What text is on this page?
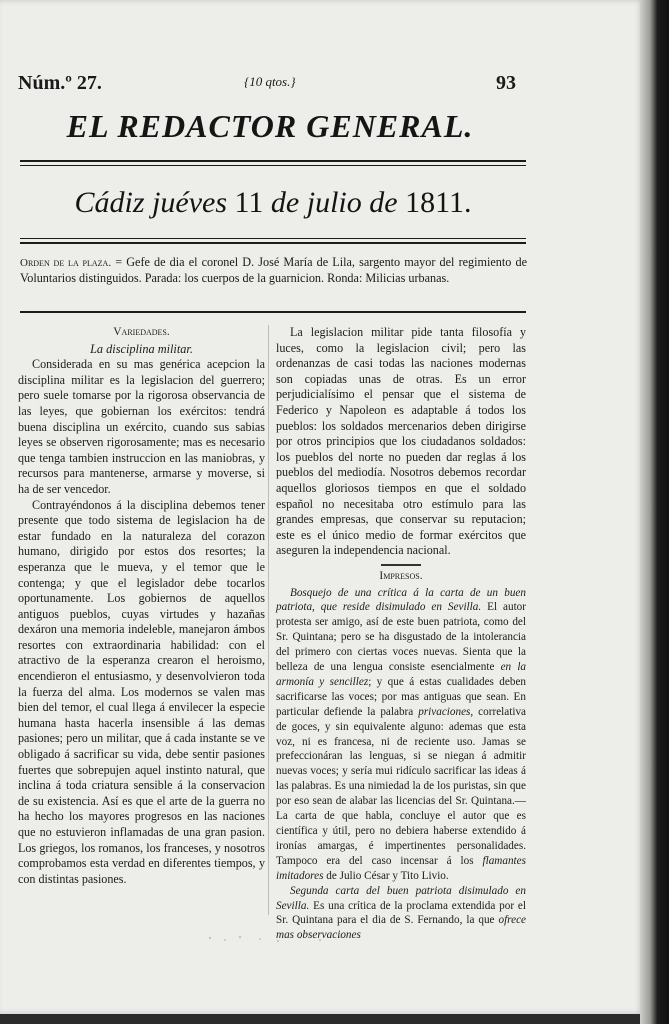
Núm.º 27.	{10 qtos.}	93
EL REDACTOR GENERAL.
Cádiz juéves 11 de julio de 1811.
Orden de la plaza. = Gefe de dia el coronel D. José María de Lila, sargento mayor del regimiento de Voluntarios distinguidos. Parada: los cuerpos de la guarnicion. Ronda: Milicias urbanas.
Variedades.
La disciplina militar.

Considerada en su mas genérica acepcion la disciplina militar es la legislacion del guerrero; pero suele tomarse por la rigorosa observancia de las leyes, que gobiernan los exércitos: tendrá buena disciplina un exército, cuando sus sabias leyes se observen rigorosamente; mas es necesario que tenga tambien instruccion en las maniobras, y recursos para mantenerse, armarse y moverse, si ha de ser vencedor.

Contrayéndonos á la disciplina debemos tener presente que todo sistema de legislacion ha de estar fundado en la naturaleza del corazon humano, dirigido por estos dos resortes; la esperanza que le mueva, y el temor que le contenga; y que el legislador debe tocarlos oportunamente. Los gobiernos de aquellos antiguos pueblos, cuyas virtudes y hazañas dexáron una memoria indeleble, manejaron ámbos resortes con extraordinaria habilidad: con el atractivo de la esperanza crearon el heroismo, encendieron el entusiasmo, y desenvolvieron toda la fuerza del alma. Los modernos se valen mas bien del temor, el cual llega á envilecer la especie humana hasta hacerla insensible á las demas pasiones; pero un militar, que á cada instante se ve obligado á sacrificar su vida, debe sentir pasiones fuertes que sobrepujen aquel instinto natural, que inclina á toda criatura sensible á la conservacion de su existencia. Así es que el arte de la guerra no ha hecho los mayores progresos en las naciones que no estuvieron inflamadas de una gran pasion. Los griegos, los romanos, los franceses, y nosotros comprobamos esta verdad en diferentes tiempos, y con distintas pasiones.

La legislacion militar pide tanta filosofía y luces, como la legislacion civil; pero las ordenanzas de casi todas las naciones modernas son copiadas unas de otras. Es un error perjudicialísimo el pensar que el sistema de Federico y Napoleon es adaptable á todos los pueblos: los soldados mercenarios deben dirigirse por otros principios que los ciudadanos soldados: los pueblos del norte no pueden dar reglas á los pueblos del mediodía. Nosotros debemos recordar aquellos gloriosos tiempos en que el soldado español no necesitaba otro estímulo para las grandes empresas, que conservar su reputacion; este es el único medio de formar exércitos que aseguren la independencia nacional.

Impresos.

Bosquejo de una crítica á la carta de un buen patriota, que reside disimulado en Sevilla. El autor protesta ser amigo, así de este buen patriota, como del Sr. Quintana; pero se ha disgustado de la intolerancia del primero con ciertas voces nuevas. Sienta que la belleza de una lengua consiste esencialmente en la armonía y sencillez; y que á estas cualidades deben sacrificarse las voces; por mas antiguas que sean. En particular defiende la palabra privaciones, correlativa de goces, y sin equivalente alguno: ademas que esta voz, ni es francesa, ni de reciente uso. Jamas se prefeccionáran las lenguas, si se niegan á admitir nuevas voces; y sería mui ridículo sacrificar las ideas á las palabras. Es una nimiedad la de los puristas, sin que por eso sean de alabar las licencias del Sr. Quintana.— La carta de que habla, concluye el autor que es científica y útil, pero no debiera haberse extendido á ironías amargas, é impertinentes personalidades. Tampoco era del caso incensar á los flamantes imitadores de Julio César y Tito Livio.

Segunda carta del buen patriota disimulado en Sevilla. Es una crítica de la proclama extendida por el Sr. Quintana para el dia de S. Fernando, la que ofrece mas observaciones
